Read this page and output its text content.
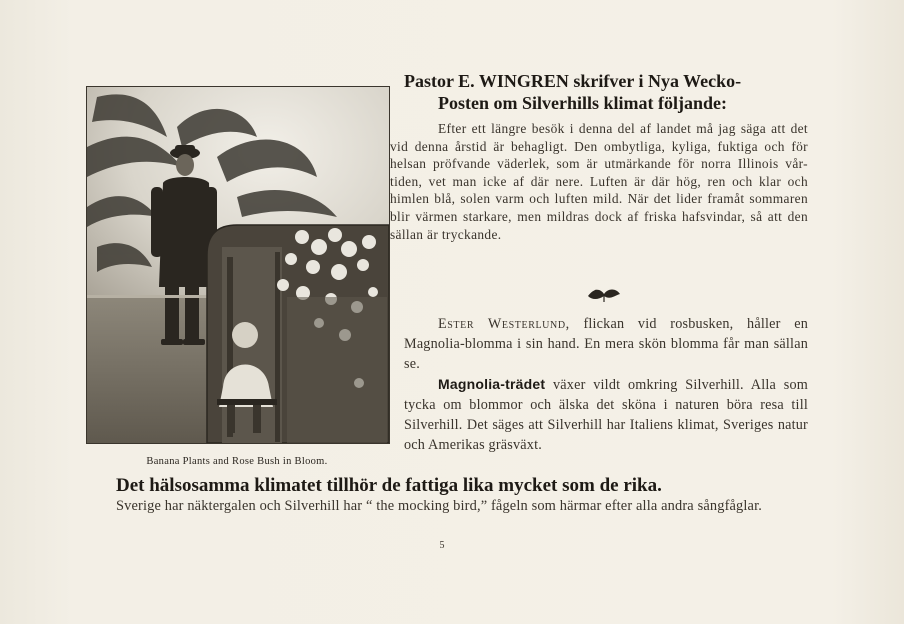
Banana Plants and Rose Bush in Bloom.
Pastor E. WINGREN skrifver i Nya Wecko-
Posten om Silverhills klimat följande:
Efter ett längre besök i denna del af landet må jag säga att det vid denna årstid är behagligt. Den ombytliga, kyliga, fuktiga och för helsan pröfvande väderlek, som är utmärkande för norra Illinois vår-tiden, vet man icke af där nere. Luften är där hög, ren och klar och himlen blå, solen varm och luften mild. När det lider framåt sommaren blir värmen starkare, men mildras dock af friska hafsvindar, så att den sällan är tryckande.
Ester Westerlund, flickan vid rosbusken, håller en Magnolia-blomma i sin hand. En mera skön blomma får man sällan se.
Magnolia-trädet växer vildt omkring Silverhill. Alla som tycka om blommor och älska det sköna i naturen böra resa till Silverhill. Det säges att Silverhill har Italiens klimat, Sveriges natur och Amerikas gräsväxt.
Det hälsosamma klimatet tillhör de fattiga lika mycket som de rika.
Sverige har näktergalen och Silverhill har “ the mocking bird,” fågeln som härmar efter alla andra sångfåglar.
5
